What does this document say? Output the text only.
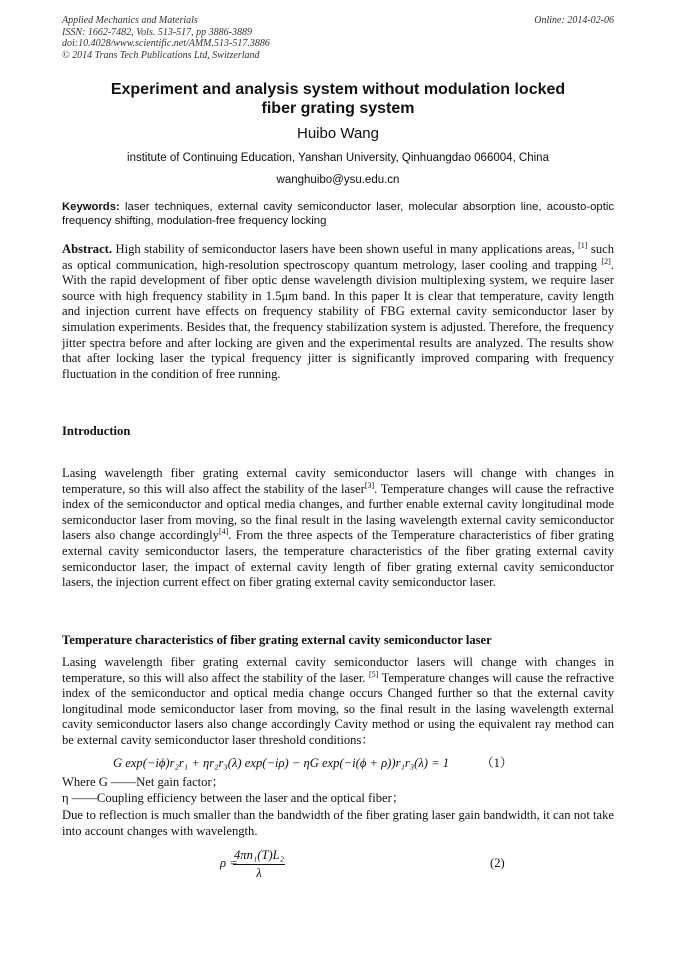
Applied Mechanics and Materials
ISSN: 1662-7482, Vols. 513-517, pp 3886-3889
doi:10.4028/www.scientific.net/AMM.513-517.3886
© 2014 Trans Tech Publications Ltd, Switzerland
Online: 2014-02-06
Experiment and analysis system without modulation locked
fiber grating system
Huibo Wang
institute of Continuing Education, Yanshan University, Qinhuangdao 066004, China
wanghuibo@ysu.edu.cn
Keywords: laser techniques, external cavity semiconductor laser, molecular absorption line, acousto-optic frequency shifting, modulation-free frequency locking

Abstract. High stability of semiconductor lasers have been shown useful in many applications areas, [1] such as optical communication, high-resolution spectroscopy quantum metrology, laser cooling and trapping [2]. With the rapid development of fiber optic dense wavelength division multiplexing system, we require laser source with high frequency stability in 1.5μm band. In this paper It is clear that temperature, cavity length and injection current have effects on frequency stability of FBG external cavity semiconductor laser by simulation experiments. Besides that, the frequency stabilization system is adjusted. Therefore, the frequency jitter spectra before and after locking are given and the experimental results are analyzed. The results show that after locking laser the typical frequency jitter is significantly improved comparing with frequency fluctuation in the condition of free running.

Introduction

Lasing wavelength fiber grating external cavity semiconductor lasers will change with changes in temperature, so this will also affect the stability of the laser[3]. Temperature changes will cause the refractive index of the semiconductor and optical media changes, and further enable external cavity longitudinal mode semiconductor laser from moving, so the final result in the lasing wavelength external cavity semiconductor lasers also change accordingly[4]. From the three aspects of the Temperature characteristics of fiber grating external cavity semiconductor lasers, the temperature characteristics of the fiber grating external cavity semiconductor laser, the impact of external cavity length of fiber grating external cavity semiconductor lasers, the injection current effect on fiber grating external cavity semiconductor laser.

Temperature characteristics of fiber grating external cavity semiconductor laser

Lasing wavelength fiber grating external cavity semiconductor lasers will change with changes in temperature, so this will also affect the stability of the laser. [5] Temperature changes will cause the refractive index of the semiconductor and optical media change occurs Changed further so that the external cavity longitudinal mode semiconductor laser from moving, so the final result in the lasing wavelength external cavity semiconductor lasers also change accordingly Cavity method or using the equivalent ray method can be external cavity semiconductor laser threshold conditions：

G exp(−iϕ)r₂r₁ + ηr₂r₃(λ) exp(−iρ) − ηG exp(−i(ϕ + ρ))r₁r₃(λ) = 1	（1）

Where G ——Net gain factor；

η ——Coupling efficiency between the laser and the optical fiber；

Due to reflection is much smaller than the bandwidth of the fiber grating laser gain bandwidth, it can not take into account changes with wavelength.

ρ =
$\frac{\text{4πn₁(T)L₂}}{\lambda}$	(2)
